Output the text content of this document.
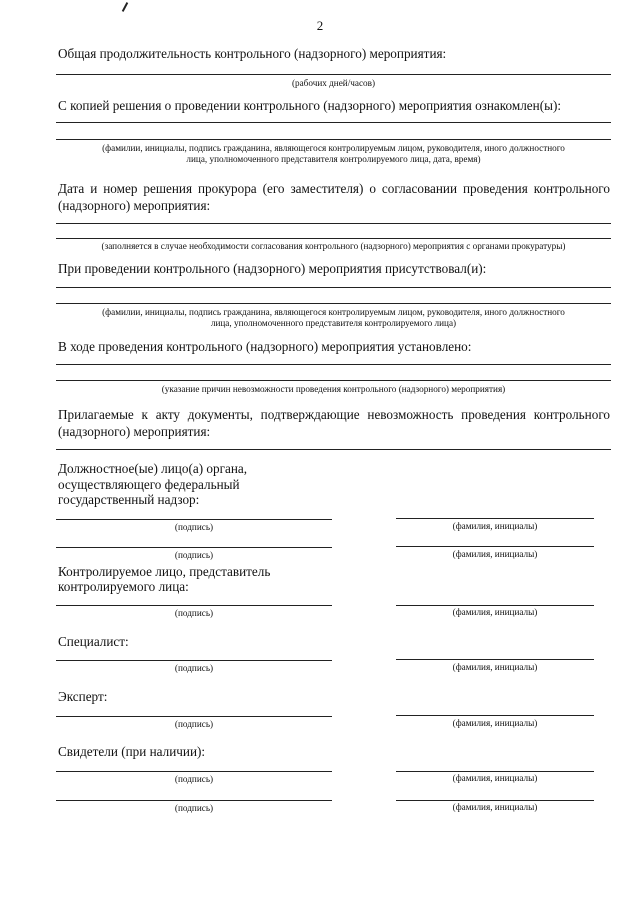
2
Общая продолжительность контрольного (надзорного) мероприятия:
(рабочих дней/часов)
С копией решения о проведении контрольного (надзорного) мероприятия ознакомлен(ы):
(фамилии, инициалы, подпись гражданина, являющегося контролируемым лицом, руководителя, иного должностного
лица, уполномоченного представителя контролируемого лица, дата, время)
Дата и номер решения прокурора (его заместителя) о согласовании проведения контрольного (надзорного) мероприятия:
(заполняется в случае необходимости согласования контрольного (надзорного) мероприятия с органами прокуратуры)
При проведении контрольного (надзорного) мероприятия присутствовал(и):
(фамилии, инициалы, подпись гражданина, являющегося контролируемым лицом, руководителя, иного должностного
лица, уполномоченного представителя контролируемого лица)
В ходе проведения контрольного (надзорного) мероприятия установлено:
(указание причин невозможности проведения контрольного (надзорного) мероприятия)
Прилагаемые к акту документы, подтверждающие невозможность проведения контрольного (надзорного) мероприятия:
Должностное(ые) лицо(а) органа,
осуществляющего федеральный
государственный надзор:
(подпись)	(фамилия, инициалы)
(подпись)	(фамилия, инициалы)
Контролируемое лицо, представитель
контролируемого лица:
(подпись)	(фамилия, инициалы)
Специалист:
(подпись)	(фамилия, инициалы)
Эксперт:
(подпись)	(фамилия, инициалы)
Свидетели (при наличии):
(подпись)	(фамилия, инициалы)
(подпись)	(фамилия, инициалы)
